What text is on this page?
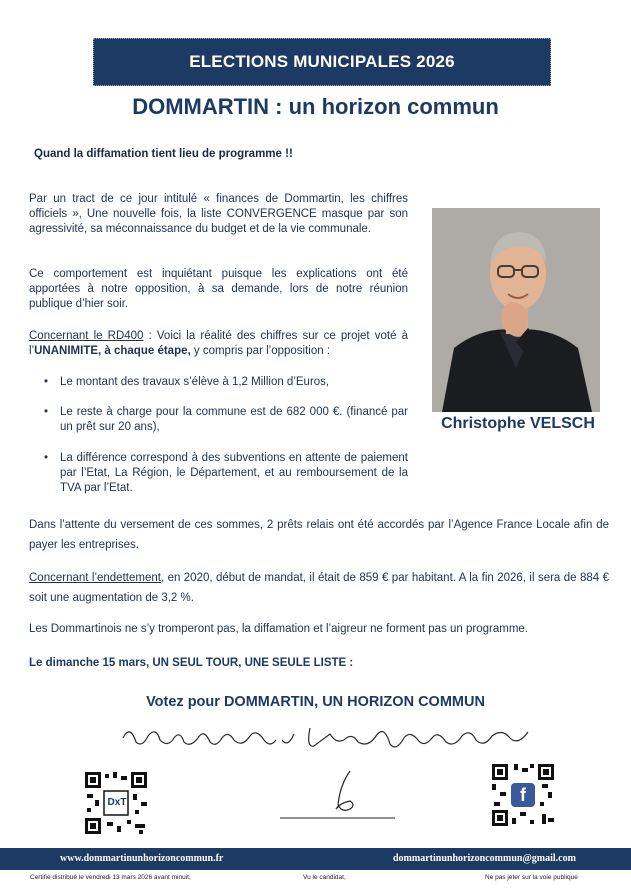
ELECTIONS MUNICIPALES 2026
DOMMARTIN : un horizon commun
Quand la diffamation tient lieu de programme !!
Par un tract de ce jour intitulé « finances de Dommartin, les chiffres officiels », Une nouvelle fois, la liste CONVERGENCE masque par son agressivité, sa méconnaissance du budget et de la vie communale.
Ce comportement est inquiétant puisque les explications ont été apportées à notre opposition, à sa demande, lors de notre réunion publique d’hier soir.
Concernant le RD400 : Voici la réalité des chiffres sur ce projet voté à l’UNANIMITE, à chaque étape, y compris par l’opposition :
• Le montant des travaux s’élève à 1,2 Million d’Euros,
• Le reste à charge pour la commune est de 682 000 €. (financé par un prêt sur 20 ans),
• La différence correspond à des subventions en attente de paiement par l’Etat, La Région, le Département, et au remboursement de la TVA par l’Etat.
Christophe VELSCH
Dans l’attente du versement de ces sommes, 2 prêts relais ont été accordés par l’Agence France Locale afin de payer les entreprises.
Concernant l’endettement, en 2020, début de mandat, il était de 859 € par habitant. A la fin 2026, il sera de 884 € soit une augmentation de 3,2 %.
Les Dommartinois ne s’y tromperont pas, la diffamation et l’aigreur ne forment pas un programme.
Le dimanche 15 mars, UN SEUL TOUR, UNE SEULE LISTE :
Votez pour DOMMARTIN, UN HORIZON COMMUN
DxT	f
www.dommartinunhorizoncommun.fr	dommartinunhorizoncommun@gmail.com
Certifié distribué le vendredi 13 mars 2026 avant minuit,	Vu le candidat,	Ne pas jeter sur la voie publique
